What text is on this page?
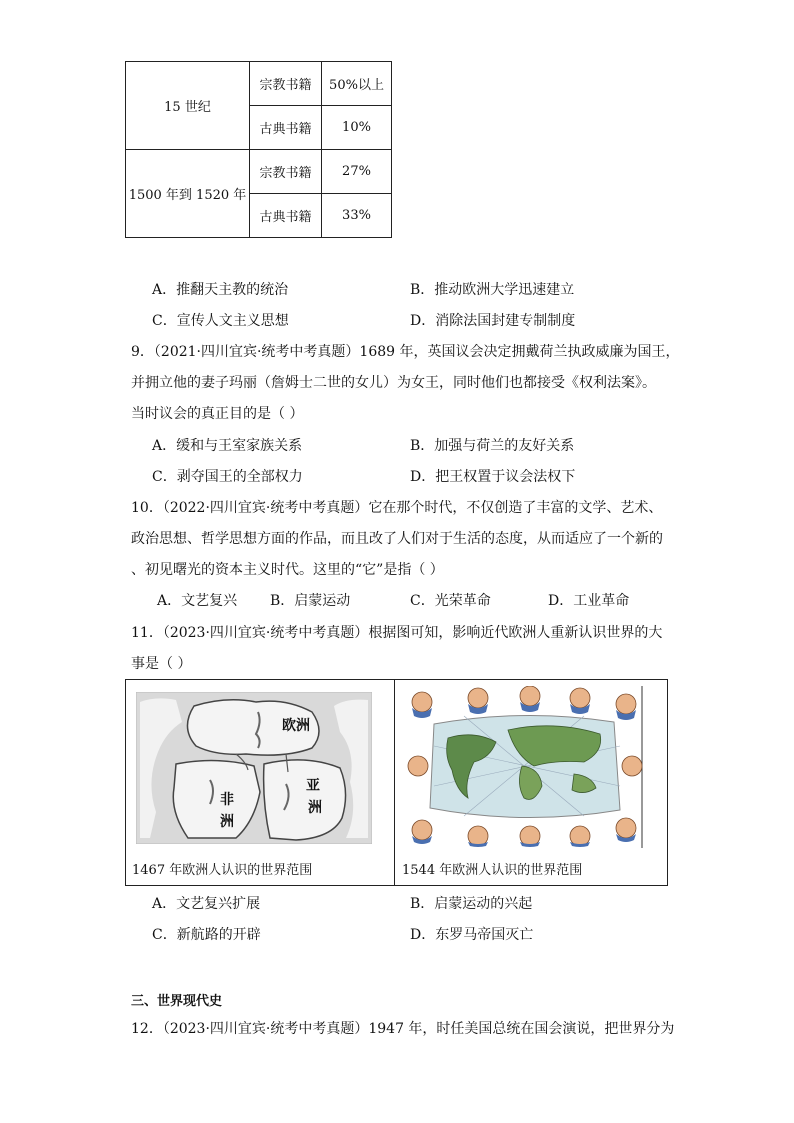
15 世纪	宗教书籍	50%以上
	古典书籍	10%
1500 年到 1520 年	宗教书籍	27%
	古典书籍	33%
A．推翻天主教的统治	B．推动欧洲大学迅速建立
C．宣传人文主义思想	D．消除法国封建专制制度
9．（2021·四川宜宾·统考中考真题）1689 年，英国议会决定拥戴荷兰执政威廉为国王，
并拥立他的妻子玛丽（詹姆士二世的女儿）为女王，同时他们也都接受《权利法案》。
当时议会的真正目的是（ ）
A．缓和与王室家族关系	B．加强与荷兰的友好关系
C．剥夺国王的全部权力	D．把王权置于议会法权下
10．（2022·四川宜宾·统考中考真题）它在那个时代，不仅创造了丰富的文学、艺术、
政治思想、哲学思想方面的作品，而且改了人们对于生活的态度，从而适应了一个新的
、初见曙光的资本主义时代。这里的“它”是指（ ）
A．文艺复兴 B．启蒙运动	C．光荣革命	D．工业革命
11．（2023·四川宜宾·统考中考真题）根据图可知，影响近代欧洲人重新认识世界的大
事是（ ）
欧洲
亚
洲
非
洲
1467 年欧洲人认识的世界范围	1544 年欧洲人认识的世界范围
A．文艺复兴扩展	B．启蒙运动的兴起
C．新航路的开辟	D．东罗马帝国灭亡
三、世界现代史
12．（2023·四川宜宾·统考中考真题）1947 年，时任美国总统在国会演说，把世界分为
